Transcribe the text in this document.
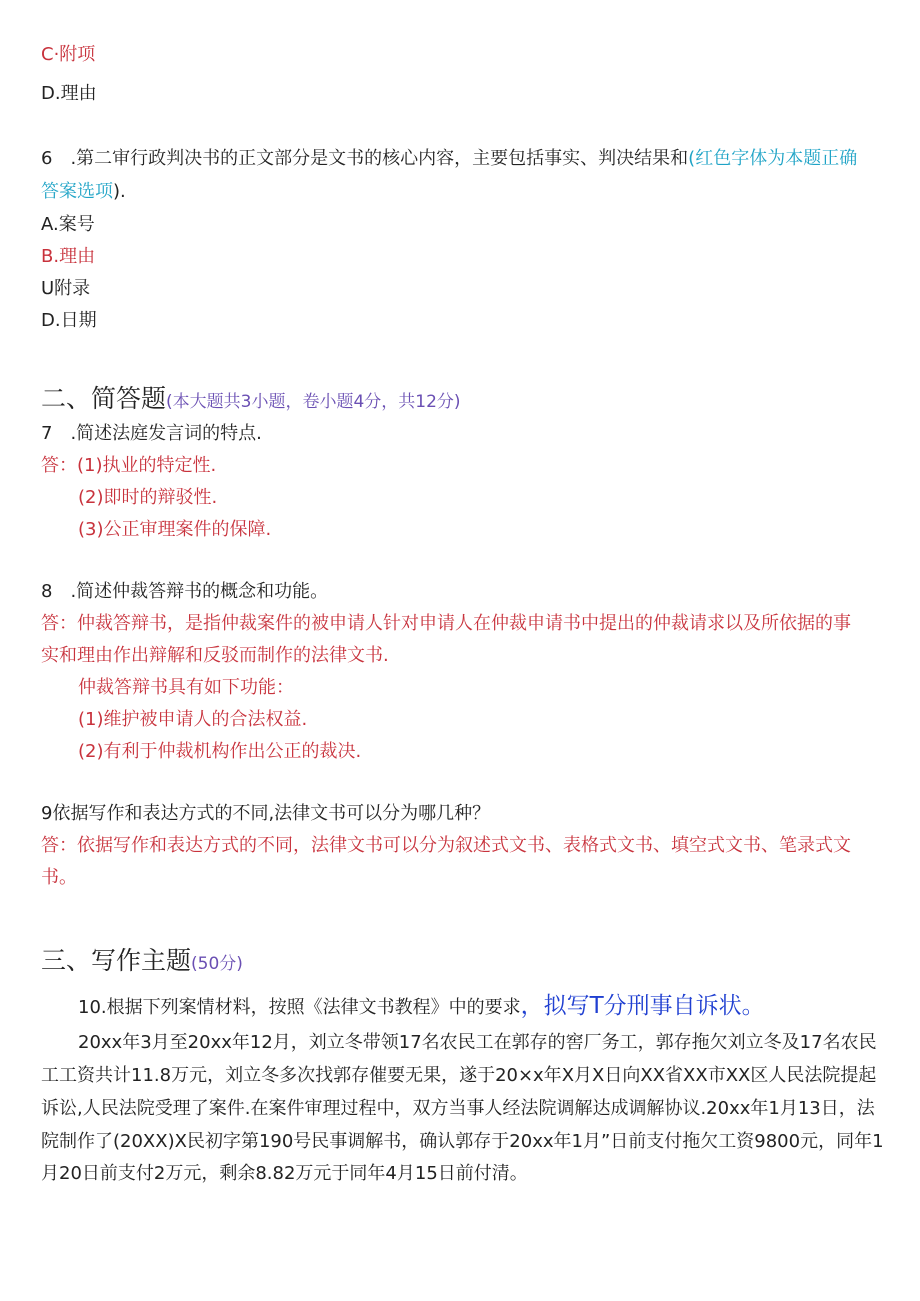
C·附项
D.理由
6　.第二审行政判决书的正文部分是文书的核心内容，主要包括事实、判决结果和(红色字体为本题正确
答案选项).
A.案号
B.理由
U附录
D.日期
二、简答题(本大题共3小题，卷小题4分，共12分)
7　.简述法庭发言词的特点.
答：(1)执业的特定性.
(2)即时的辩驳性.
(3)公正审理案件的保障.
8　.简述仲裁答辩书的概念和功能。
答：仲裁答辩书，是指仲裁案件的被申请人针对申请人在仲裁申请书中提出的仲裁请求以及所依据的事
实和理由作出辩解和反驳而制作的法律文书.
仲裁答辩书具有如下功能：
(1)维护被申请人的合法权益.
(2)有利于仲裁机构作出公正的裁决.
9依据写作和表达方式的不同,法律文书可以分为哪几种？
答：依据写作和表达方式的不同，法律文书可以分为叙述式文书、表格式文书、填空式文书、笔录式文
书。
三、写作主题(50分)
10.根据下列案情材料，按照《法律文书教程》中的要求，拟写T分刑事自诉状。
20xx年3月至20xx年12月，刘立冬带领17名农民工在郭存的窖厂务工，郭存拖欠刘立冬及17名农民
工工资共计11.8万元，刘立冬多次找郭存催要无果，遂于20×x年X月X日向XX省XX市XX区人民法院提起
诉讼,人民法院受理了案件.在案件审理过程中，双方当事人经法院调解达成调解协议.20xx年1月13日，法
院制作了(20XX)X民初字第190号民事调解书，确认郭存于20xx年1月”日前支付拖欠工资9800元，同年1
月20日前支付2万元，剩余8.82万元于同年4月15日前付清。
